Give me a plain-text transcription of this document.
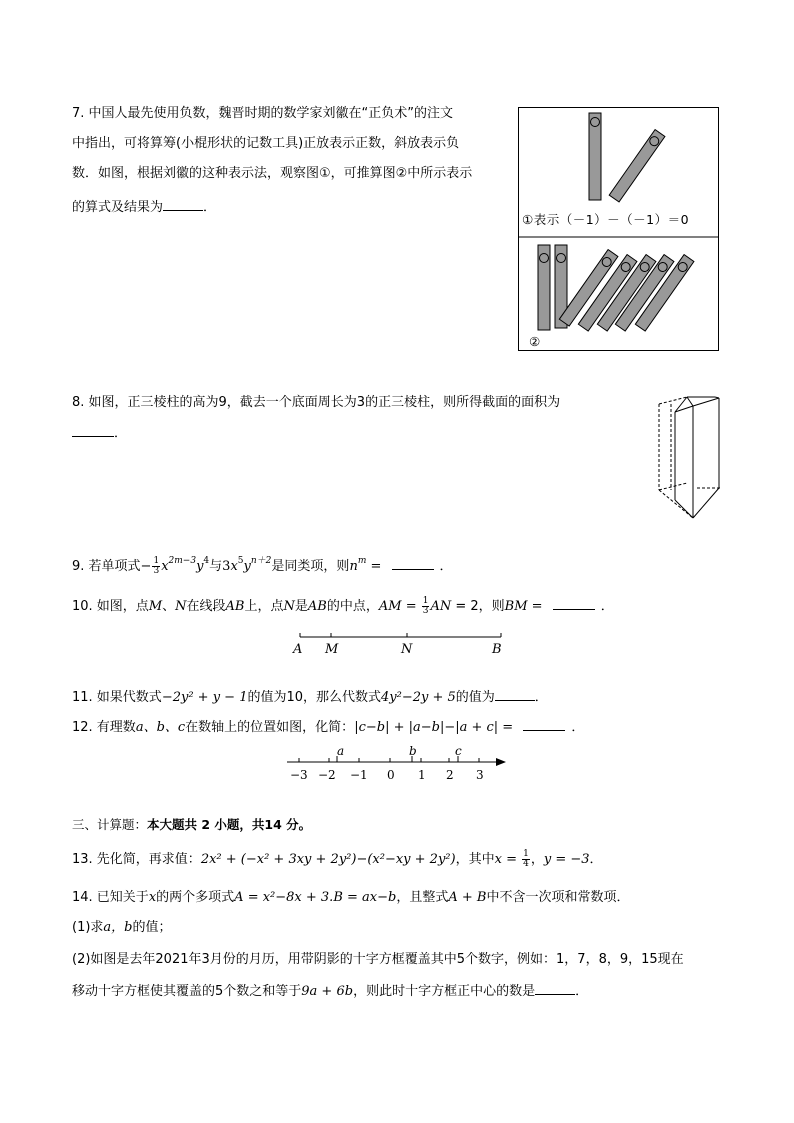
7. 中国人最先使用负数，魏晋时期的数学家刘徽在“正负术”的注文
中指出，可将算筹(小棍形状的记数工具)正放表示正数，斜放表示负
数．如图，根据刘徽的这种表示法，观察图①，可推算图②中所示表示
的算式及结果为	．
①表示（－1）－（－1）＝0
②
8. 如图，正三棱柱的高为9，截去一个底面周长为3的正三棱柱，则所得截面的面积为
．
9. 若单项式− $\frac{1}{3} x^{2m-3}y^4$与$3x^5y^{n+2}$是同类项，则$n^m$ =	．
10. 如图，点M、N在线段AB上，点N是AB的中点，AM = $\frac{1}{3}$ AN = 2，则BM =	．
A M	N	B
11. 如果代数式−2y² + y − 1的值为10，那么代数式4y²−2y + 5的值为	．
12. 有理数a、b、c在数轴上的位置如图，化简：|c−b| + |a−b|−|a + c| =	．
−3 −2 −1 0 1 2 3
a	b	c
三、计算题：本大题共 2 小题，共14 分。
13. 先化简，再求值：2x² + (−x² + 3xy + 2y²)−(x²−xy + 2y²)，其中$x = \frac{1}{4}$ ，y = −3．
14. 已知关于x的两个多项式A = x²−8x + 3.B = ax−b，且整式A + B中不含一次项和常数项．
(1)求a，b的值；
(2)如图是去年2021年3月份的月历，用带阴影的十字方框覆盖其中5个数字，例如：1，7，8，9，15现在
移动十字方框使其覆盖的5个数之和等于9a + 6b，则此时十字方框正中心的数是	．
